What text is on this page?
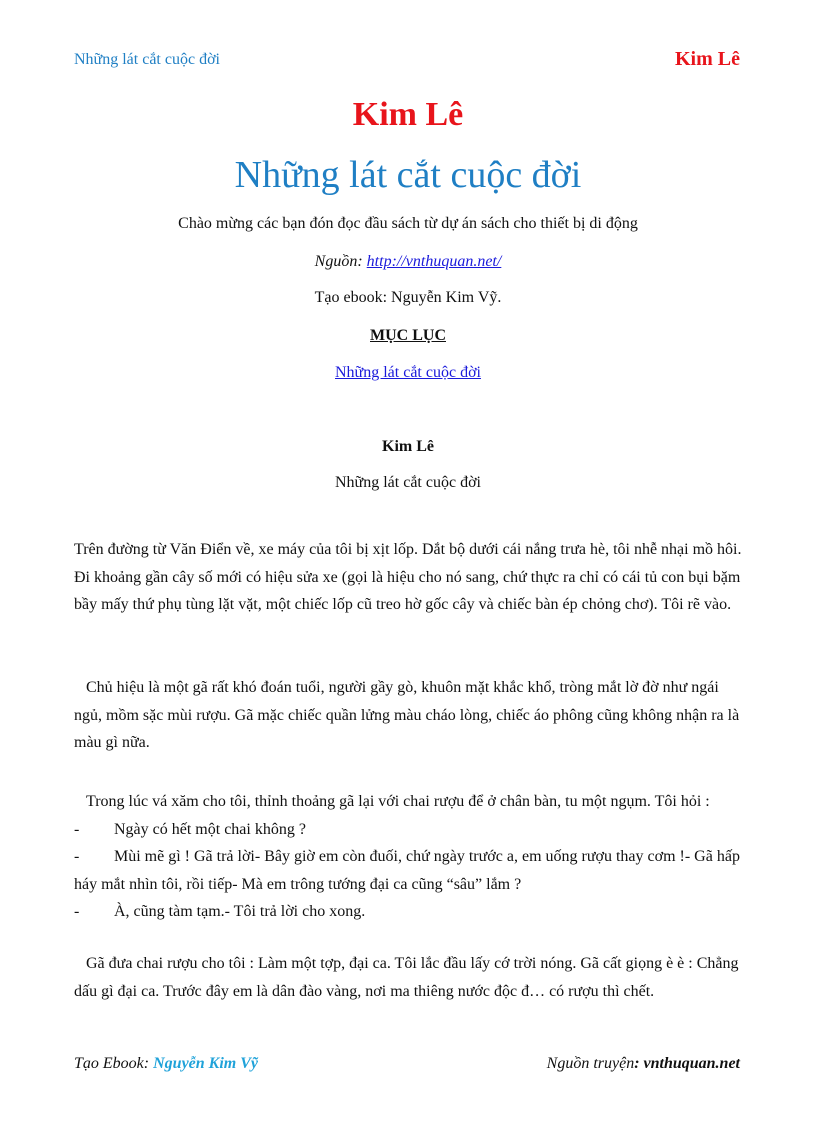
Những lát cắt cuộc đời	Kim Lê
Kim Lê
Những lát cắt cuộc đời
Chào mừng các bạn đón đọc đầu sách từ dự án sách cho thiết bị di động
Nguồn: http://vnthuquan.net/
Tạo ebook: Nguyễn Kim Vỹ.
MỤC LỤC
Những lát cắt cuộc đời
Kim Lê
Những lát cắt cuộc đời
Trên đường từ Văn Điển về, xe máy của tôi bị xịt lốp. Dắt bộ dưới cái nắng trưa hè, tôi nhễ nhại mồ hôi. Đi khoảng gần cây số mới có hiệu sửa xe (gọi là hiệu cho nó sang, chứ thực ra chỉ có cái tủ con bụi bặm bầy mấy thứ phụ tùng lặt vặt, một chiếc lốp cũ treo hờ gốc cây và chiếc bàn ép chỏng chơ). Tôi rẽ vào.
Chủ hiệu là một gã rất khó đoán tuổi, người gầy gò, khuôn mặt khắc khổ, tròng mắt lờ đờ như ngái ngủ, mồm sặc mùi rượu. Gã mặc chiếc quần lửng màu cháo lòng, chiếc áo phông cũng không nhận ra là màu gì nữa.
Trong lúc vá xăm cho tôi, thỉnh thoảng gã lại với chai rượu để ở chân bàn, tu một ngụm. Tôi hỏi :
- Ngày có hết một chai không ?
-	Mùi mẽ gì ! Gã trả lời- Bây giờ em còn đuối, chứ ngày trước a, em uống rượu thay cơm !- Gã hấp háy mắt nhìn tôi, rồi tiếp- Mà em trông tướng đại ca cũng “sâu” lắm ?
- À, cũng tàm tạm.- Tôi trả lời cho xong.
Gã đưa chai rượu cho tôi : Làm một tợp, đại ca. Tôi lắc đầu lấy cớ trời nóng. Gã cất giọng è è : Chẳng dấu gì đại ca. Trước đây em là dân đào vàng, nơi ma thiêng nước độc đ… có rượu thì chết.
Tạo Ebook: Nguyễn Kim Vỹ	Nguồn truyện: vnthuquan.net
